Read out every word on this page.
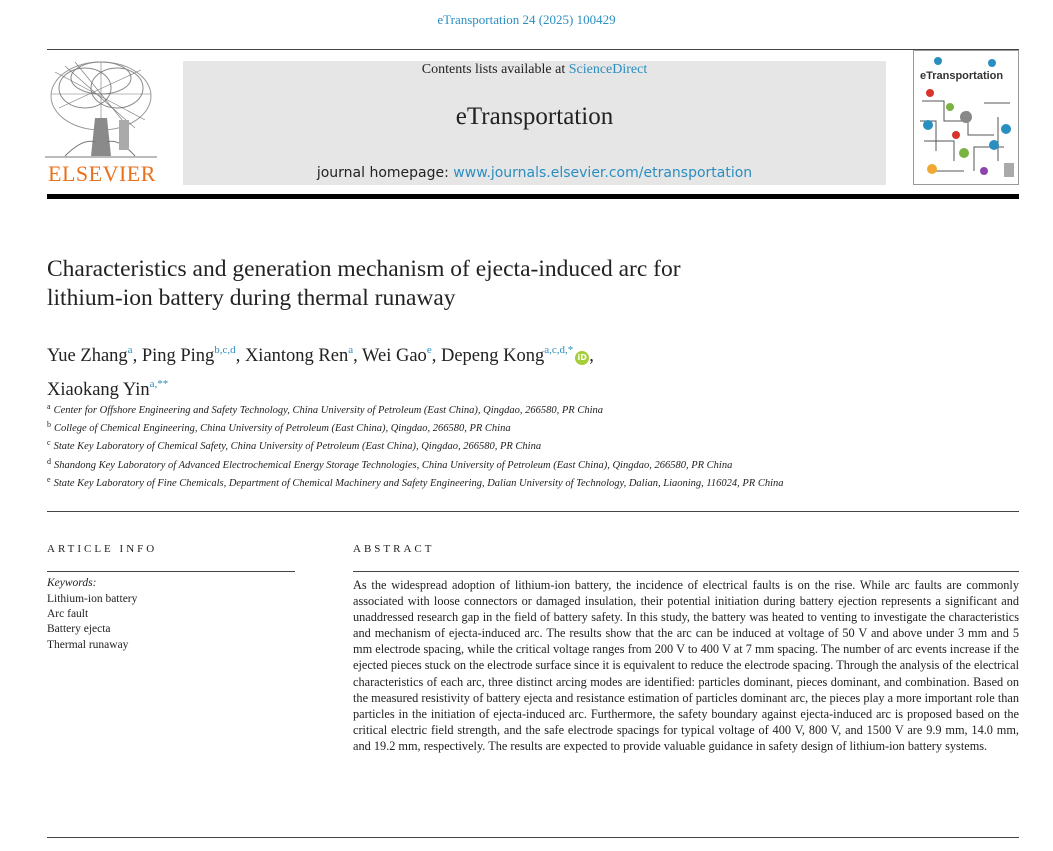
eTransportation 24 (2025) 100429
ELSEVIER
Contents lists available at ScienceDirect
eTransportation
journal homepage: www.journals.elsevier.com/etransportation
eTransportation
Characteristics and generation mechanism of ejecta-induced arc for
lithium-ion battery during thermal runaway
Yue Zhang$^a$, Ping Ping$^{b,c,d}$, Xiantong Ren$^a$, Wei Gao$^e$, Depeng Kong$^{a,c,d,*}$iD ,
Xiaokang Yin$^{a,**}$
$^a$ Center for Offshore Engineering and Safety Technology, China University of Petroleum (East China), Qingdao, 266580, PR China
$^b$ College of Chemical Engineering, China University of Petroleum (East China), Qingdao, 266580, PR China
$^c$ State Key Laboratory of Chemical Safety, China University of Petroleum (East China), Qingdao, 266580, PR China
$^d$ Shandong Key Laboratory of Advanced Electrochemical Energy Storage Technologies, China University of Petroleum (East China), Qingdao, 266580, PR China
$^e$ State Key Laboratory of Fine Chemicals, Department of Chemical Machinery and Safety Engineering, Dalian University of Technology, Dalian, Liaoning, 116024, PR China
ARTICLE INFO
Keywords:
Lithium-ion battery
Arc fault
Battery ejecta
Thermal runaway
ABSTRACT
As the widespread adoption of lithium-ion battery, the incidence of electrical faults is on the rise. While arc faults are commonly associated with loose connectors or damaged insulation, their potential initiation during battery ejection represents a significant and unaddressed research gap in the field of battery safety. In this study, the battery was heated to venting to investigate the characteristics and mechanism of ejecta-induced arc. The results show that the arc can be induced at voltage of 50 V and above under 3 mm and 5 mm electrode spacing, while the critical voltage ranges from 200 V to 400 V at 7 mm spacing. The number of arc events increase if the ejected pieces stuck on the electrode surface since it is equivalent to reduce the electrode spacing. Through the analysis of the electrical characteristics of each arc, three distinct arcing modes are identified: particles dominant, pieces dominant, and combination. Based on the measured resistivity of battery ejecta and resistance estimation of particles dominant arc, the pieces play a more important role than particles in the initiation of ejecta-induced arc. Furthermore, the safety boundary against ejecta-induced arc is proposed based on the critical electric field strength, and the safe electrode spacings for typical voltage of 400 V, 800 V, and 1500 V are 9.9 mm, 14.0 mm, and 19.2 mm, respectively. The results are expected to provide valuable guidance in safety design of lithium-ion battery systems.
